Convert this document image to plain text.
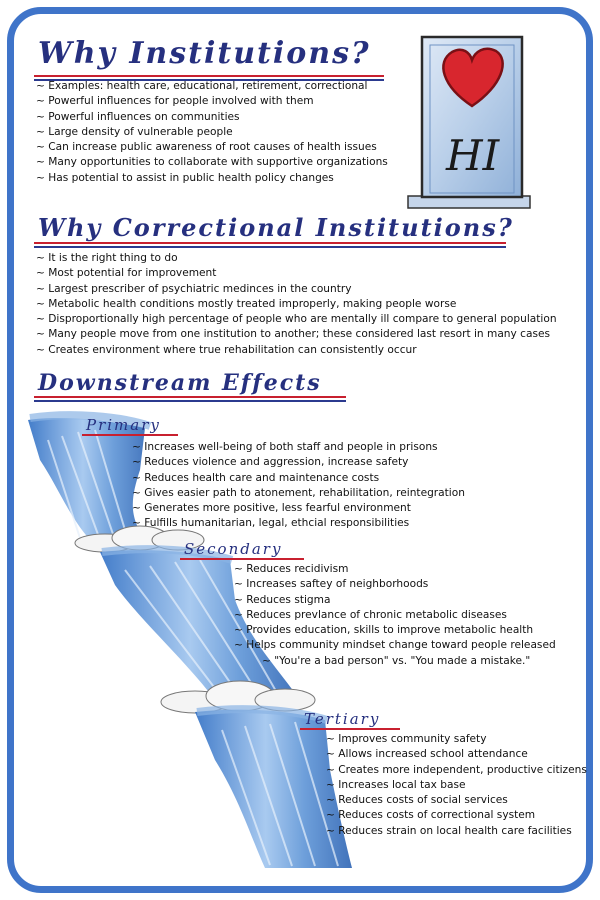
HI
Why Institutions?
~ Examples: health care, educational, retirement, correctional
~ Powerful influences for people involved with them
~ Powerful influences on communities
~ Large density of vulnerable people
~ Can increase public awareness of root causes of health issues
~ Many opportunities to collaborate with supportive organizations
~ Has potential to assist in public health policy changes
Why Correctional Institutions?
~ It is the right thing to do
~ Most potential for improvement
~ Largest prescriber of psychiatric medinces in the country
~ Metabolic health conditions mostly treated improperly, making people worse
~ Disproportionally high percentage of people who are mentally ill compare to general population
~ Many people move from one institution to another; these considered last resort in many cases
~ Creates environment where true rehabilitation can consistently occur
Downstream Effects
Primary
~ Increases well-being of both staff and people in prisons
~ Reduces violence and aggression, increase safety
~ Reduces health care and maintenance costs
~ Gives easier path to atonement, rehabilitation, reintegration
~ Generates more positive, less fearful environment
~ Fulfills humanitarian, legal, ethcial responsibilities
Secondary
~ Reduces recidivism
~ Increases saftey of neighborhoods
~ Reduces stigma
~ Reduces prevlance of chronic metabolic diseases
~ Provides education, skills to improve metabolic health
~ Helps community mindset change toward people released
~ "You're a bad person" vs. "You made a mistake."
Tertiary
~ Improves community safety
~ Allows increased school attendance
~ Creates more independent, productive citizens
~ Increases local tax base
~ Reduces costs of social services
~ Reduces costs of correctional system
~ Reduces strain on local health care facilities
